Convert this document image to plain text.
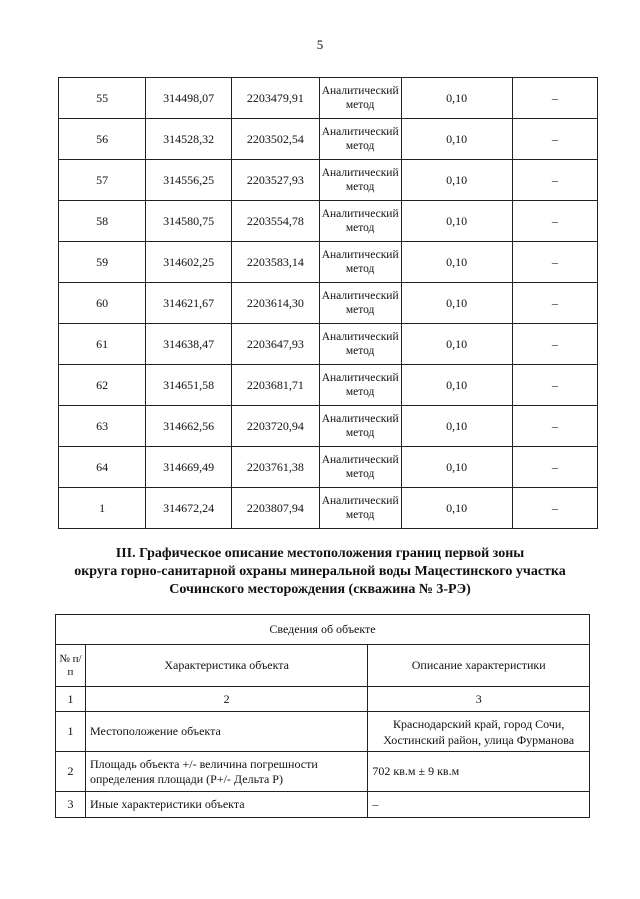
5
55	314498,07	2203479,91	Аналитический метод	0,10	–
56	314528,32	2203502,54	Аналитический метод	0,10	–
57	314556,25	2203527,93	Аналитический метод	0,10	–
58	314580,75	2203554,78	Аналитический метод	0,10	–
59	314602,25	2203583,14	Аналитический метод	0,10	–
60	314621,67	2203614,30	Аналитический метод	0,10	–
61	314638,47	2203647,93	Аналитический метод	0,10	–
62	314651,58	2203681,71	Аналитический метод	0,10	–
63	314662,56	2203720,94	Аналитический метод	0,10	–
64	314669,49	2203761,38	Аналитический метод	0,10	–
1	314672,24	2203807,94	Аналитический метод	0,10	–
III. Графическое описание местоположения границ первой зоны
округа горно-санитарной охраны минеральной воды Мацестинского участка
Сочинского месторождения (скважина № 3-РЭ)
Сведения об объекте		
№ п/п	Характеристика объекта	Описание характеристики
1	2	3
1	Местоположение объекта	Краснодарский край, город Сочи, Хостинский район, улица Фурманова
2	Площадь объекта +/- величина погрешности определения площади (Р+/- Дельта Р)	702 кв.м ± 9 кв.м
3	Иные характеристики объекта	–
